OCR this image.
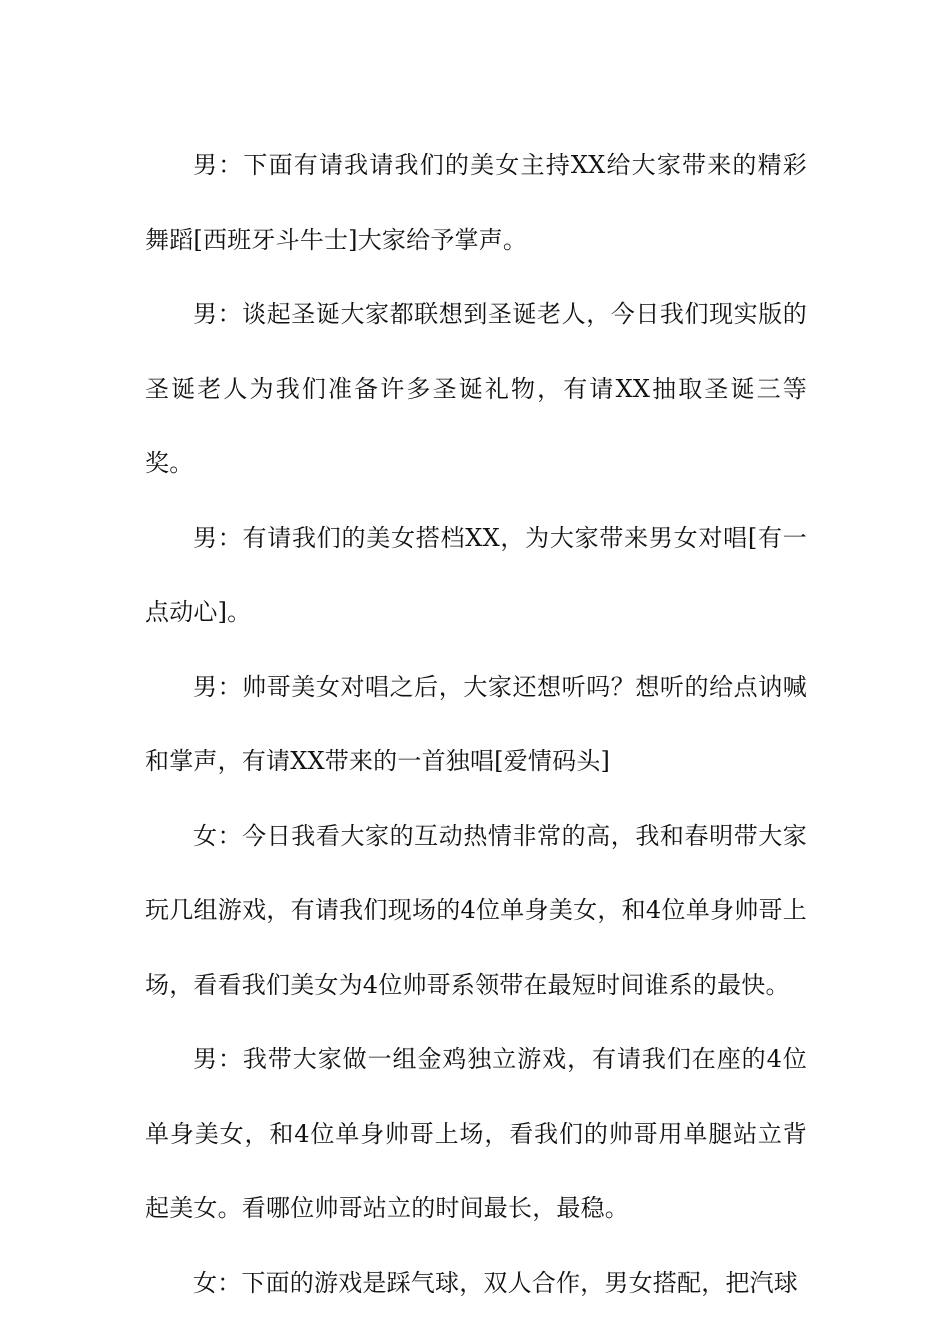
男：下面有请我请我们的美女主持XX给大家带来的精彩舞蹈[西班牙斗牛士]大家给予掌声。

男：谈起圣诞大家都联想到圣诞老人，今日我们现实版的圣诞老人为我们准备许多圣诞礼物，有请XX抽取圣诞三等奖。

男：有请我们的美女搭档XX，为大家带来男女对唱[有一点动心]。

男：帅哥美女对唱之后，大家还想听吗？想听的给点讷喊和掌声，有请XX带来的一首独唱[爱情码头]

女：今日我看大家的互动热情非常的高，我和春明带大家玩几组游戏，有请我们现场的4位单身美女，和4位单身帅哥上场，看看我们美女为4位帅哥系领带在最短时间谁系的最快。

男：我带大家做一组金鸡独立游戏，有请我们在座的4位单身美女，和4位单身帅哥上场，看我们的帅哥用单腿站立背起美女。看哪位帅哥站立的时间最长，最稳。

女：下面的游戏是踩气球，双人合作，男女搭配，把汽球
